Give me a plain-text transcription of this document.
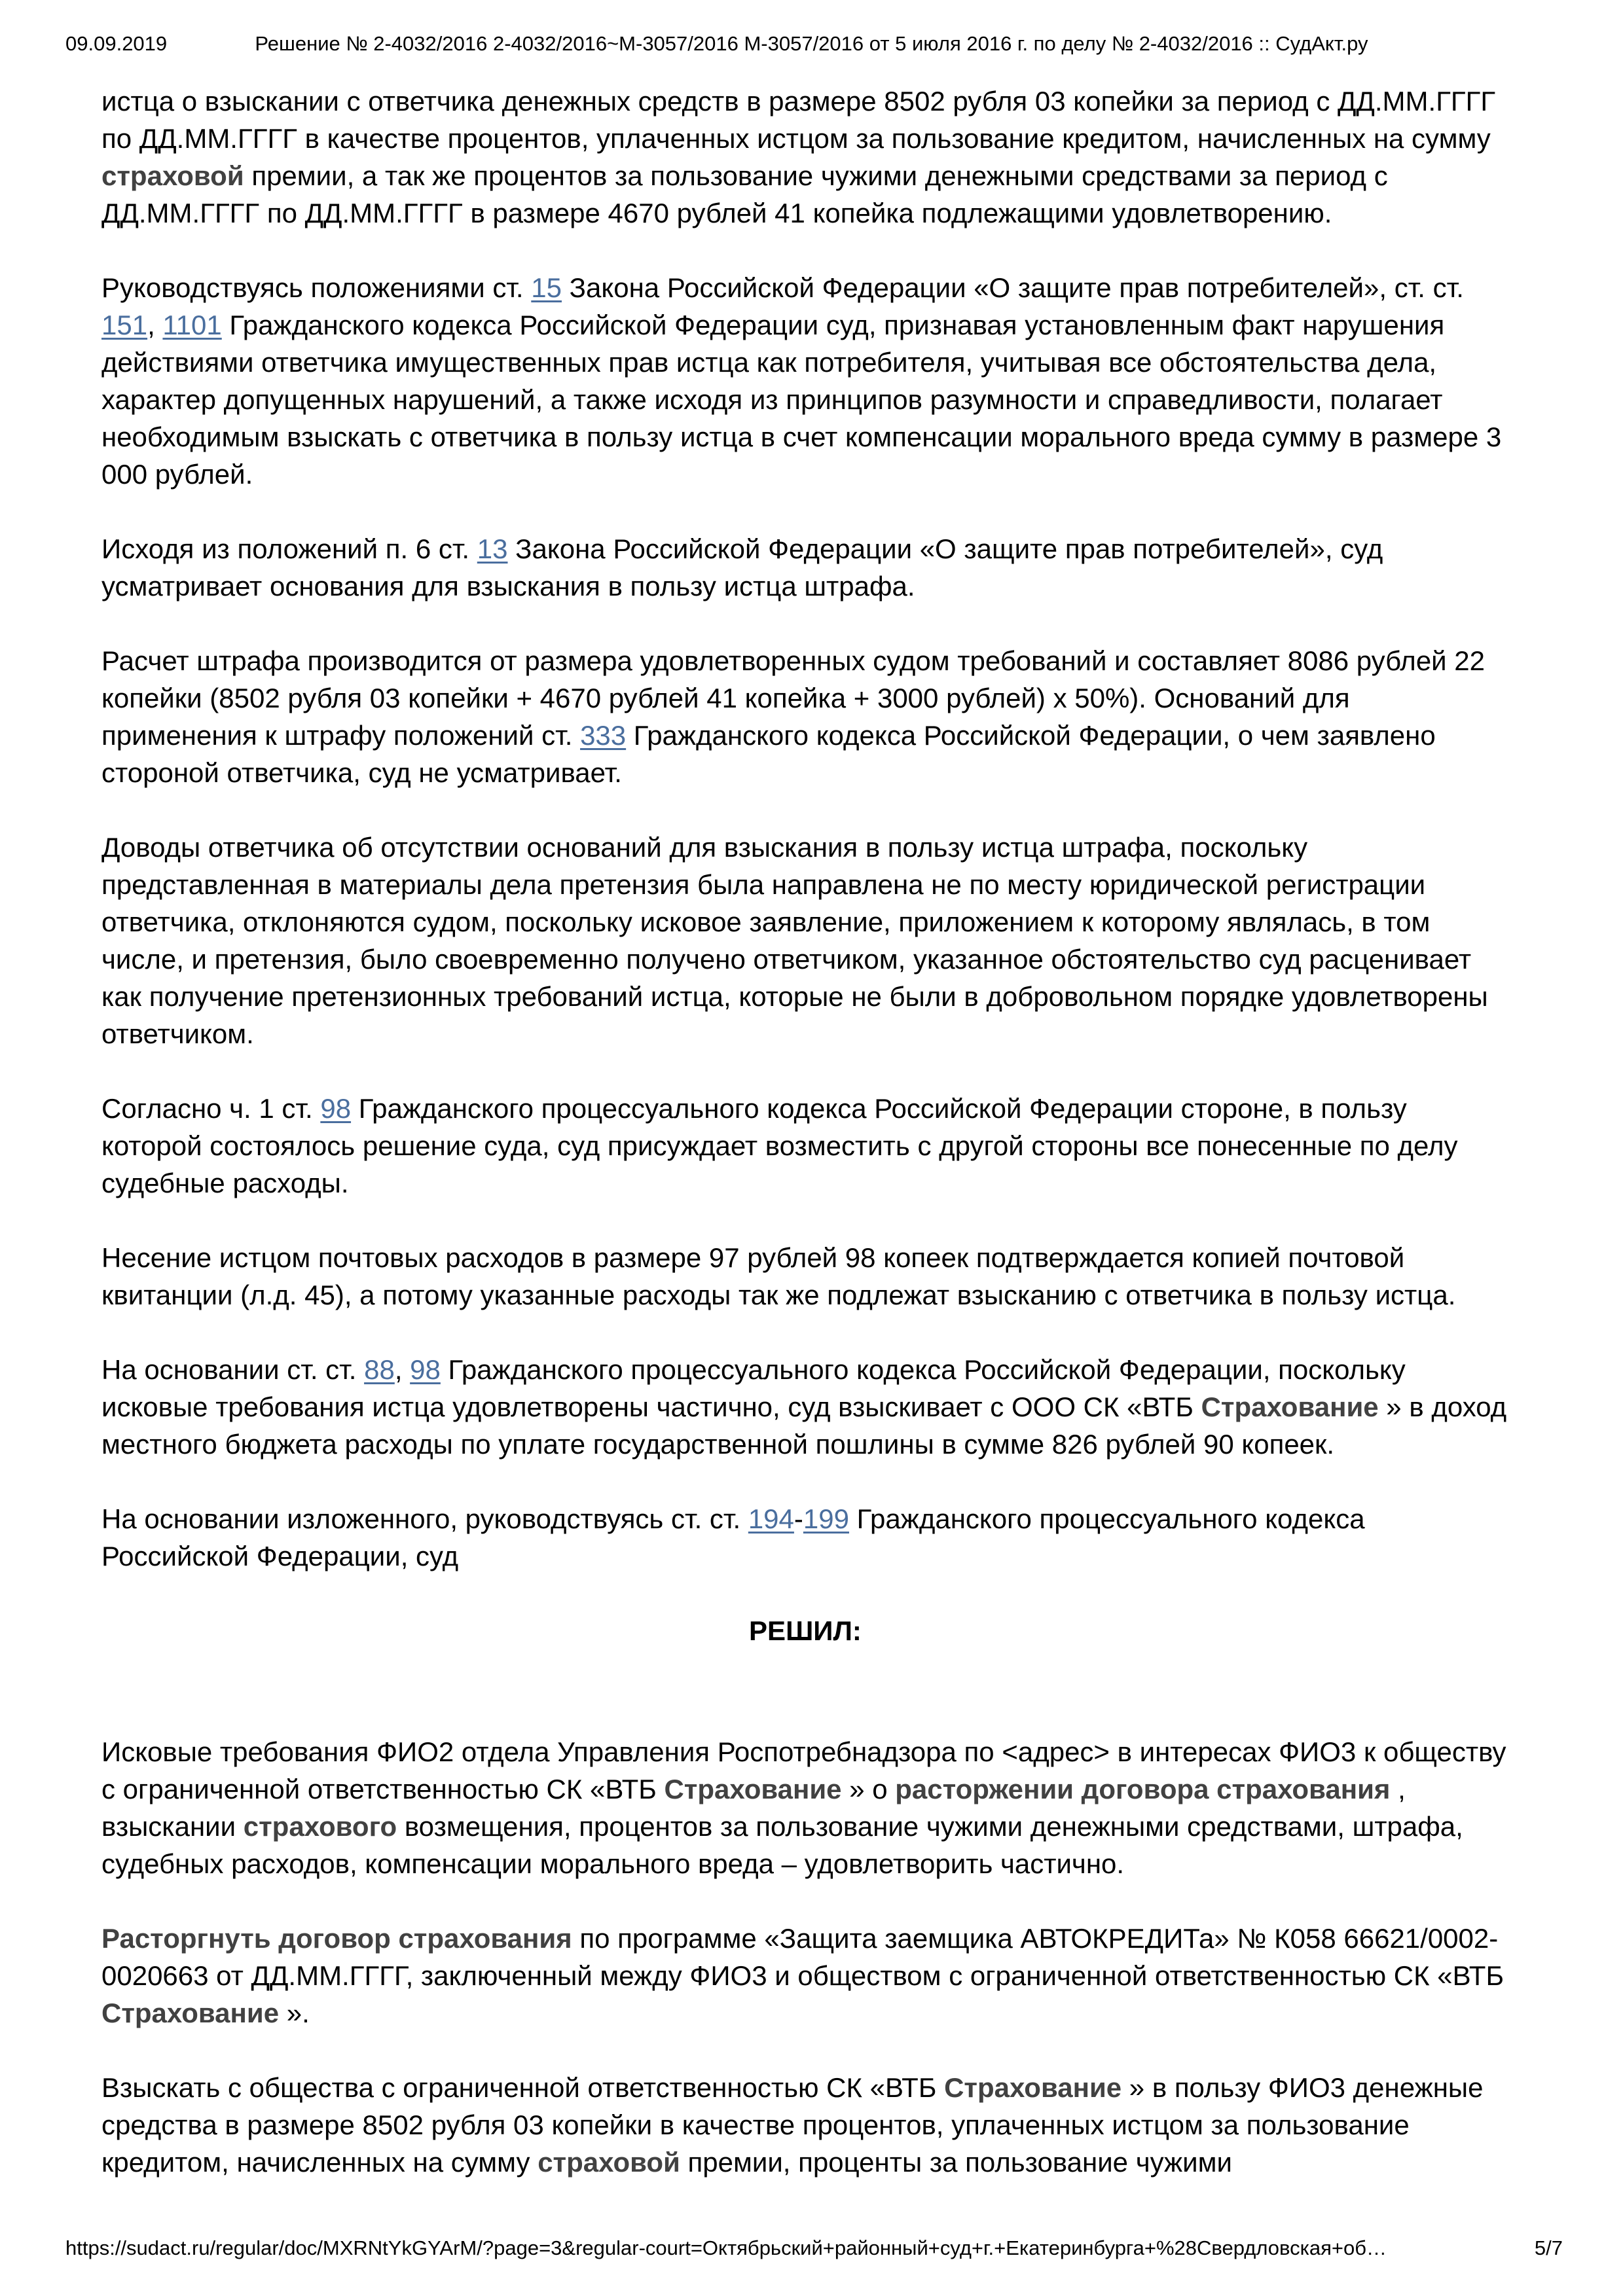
09.09.2019	Решение № 2-4032/2016 2-4032/2016~М-3057/2016 М-3057/2016 от 5 июля 2016 г. по делу № 2-4032/2016 :: СудАкт.ру

истца о взыскании с ответчика денежных средств в размере 8502 рубля 03 копейки за период с ДД.ММ.ГГГГ по ДД.ММ.ГГГГ в качестве процентов, уплаченных истцом за пользование кредитом, начисленных на сумму страховой премии, а так же процентов за пользование чужими денежными средствами за период с ДД.ММ.ГГГГ по ДД.ММ.ГГГГ в размере 4670 рублей 41 копейка подлежащими удовлетворению.

Руководствуясь положениями ст. 15 Закона Российской Федерации «О защите прав потребителей», ст. ст. 151, 1101 Гражданского кодекса Российской Федерации суд, признавая установленным факт нарушения действиями ответчика имущественных прав истца как потребителя, учитывая все обстоятельства дела, характер допущенных нарушений, а также исходя из принципов разумности и справедливости, полагает необходимым взыскать с ответчика в пользу истца в счет компенсации морального вреда сумму в размере 3 000 рублей.

Исходя из положений п. 6 ст. 13 Закона Российской Федерации «О защите прав потребителей», суд усматривает основания для взыскания в пользу истца штрафа.

Расчет штрафа производится от размера удовлетворенных судом требований и составляет 8086 рублей 22 копейки (8502 рубля 03 копейки + 4670 рублей 41 копейка + 3000 рублей) х 50%). Оснований для применения к штрафу положений ст. 333 Гражданского кодекса Российской Федерации, о чем заявлено стороной ответчика, суд не усматривает.

Доводы ответчика об отсутствии оснований для взыскания в пользу истца штрафа, поскольку представленная в материалы дела претензия была направлена не по месту юридической регистрации ответчика, отклоняются судом, поскольку исковое заявление, приложением к которому являлась, в том числе, и претензия, было своевременно получено ответчиком, указанное обстоятельство суд расценивает как получение претензионных требований истца, которые не были в добровольном порядке удовлетворены ответчиком.

Согласно ч. 1 ст. 98 Гражданского процессуального кодекса Российской Федерации стороне, в пользу которой состоялось решение суда, суд присуждает возместить с другой стороны все понесенные по делу судебные расходы.

Несение истцом почтовых расходов в размере 97 рублей 98 копеек подтверждается копией почтовой квитанции (л.д. 45), а потому указанные расходы так же подлежат взысканию с ответчика в пользу истца.

На основании ст. ст. 88, 98 Гражданского процессуального кодекса Российской Федерации, поскольку исковые требования истца удовлетворены частично, суд взыскивает с ООО СК «ВТБ Страхование » в доход местного бюджета расходы по уплате государственной пошлины в сумме 826 рублей 90 копеек.

На основании изложенного, руководствуясь ст. ст. 194-199 Гражданского процессуального кодекса Российской Федерации, суд

РЕШИЛ:

Исковые требования ФИО2 отдела Управления Роспотребнадзора по <адрес> в интересах ФИО3 к обществу с ограниченной ответственностью СК «ВТБ Страхование » о расторжении договора страхования , взыскании страхового возмещения, процентов за пользование чужими денежными средствами, штрафа, судебных расходов, компенсации морального вреда – удовлетворить частично.

Расторгнуть договор страхования по программе «Защита заемщика АВТОКРЕДИТа» № К058 66621/0002-0020663 от ДД.ММ.ГГГГ, заключенный между ФИО3 и обществом с ограниченной ответственностью СК «ВТБ Страхование ».

Взыскать с общества с ограниченной ответственностью СК «ВТБ Страхование » в пользу ФИО3 денежные средства в размере 8502 рубля 03 копейки в качестве процентов, уплаченных истцом за пользование кредитом, начисленных на сумму страховой премии, проценты за пользование чужими

https://sudact.ru/regular/doc/MXRNtYkGYArM/?page=3&regular-court=Октябрьский+районный+суд+г.+Екатеринбурга+%28Свердловская+об…	5/7
